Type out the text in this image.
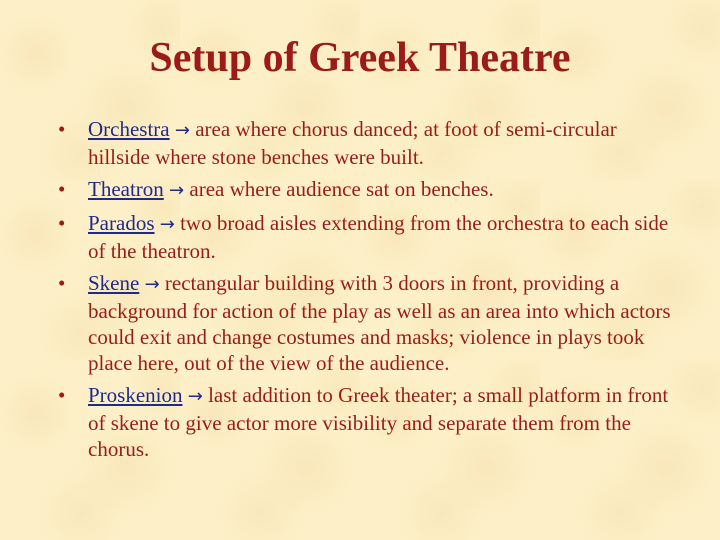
Setup of Greek Theatre
•	Orchestra → area where chorus danced; at foot of semi-circular hillside where stone benches were built.
•	Theatron → area where audience sat on benches.
•	Parados → two broad aisles extending from the orchestra to each side of the theatron.
•	Skene → rectangular building with 3 doors in front, providing a background for action of the play as well as an area into which actors could exit and change costumes and masks; violence in plays took place here, out of the view of the audience.
•	Proskenion → last addition to Greek theater; a small platform in front of skene to give actor more visibility and separate them from the chorus.
